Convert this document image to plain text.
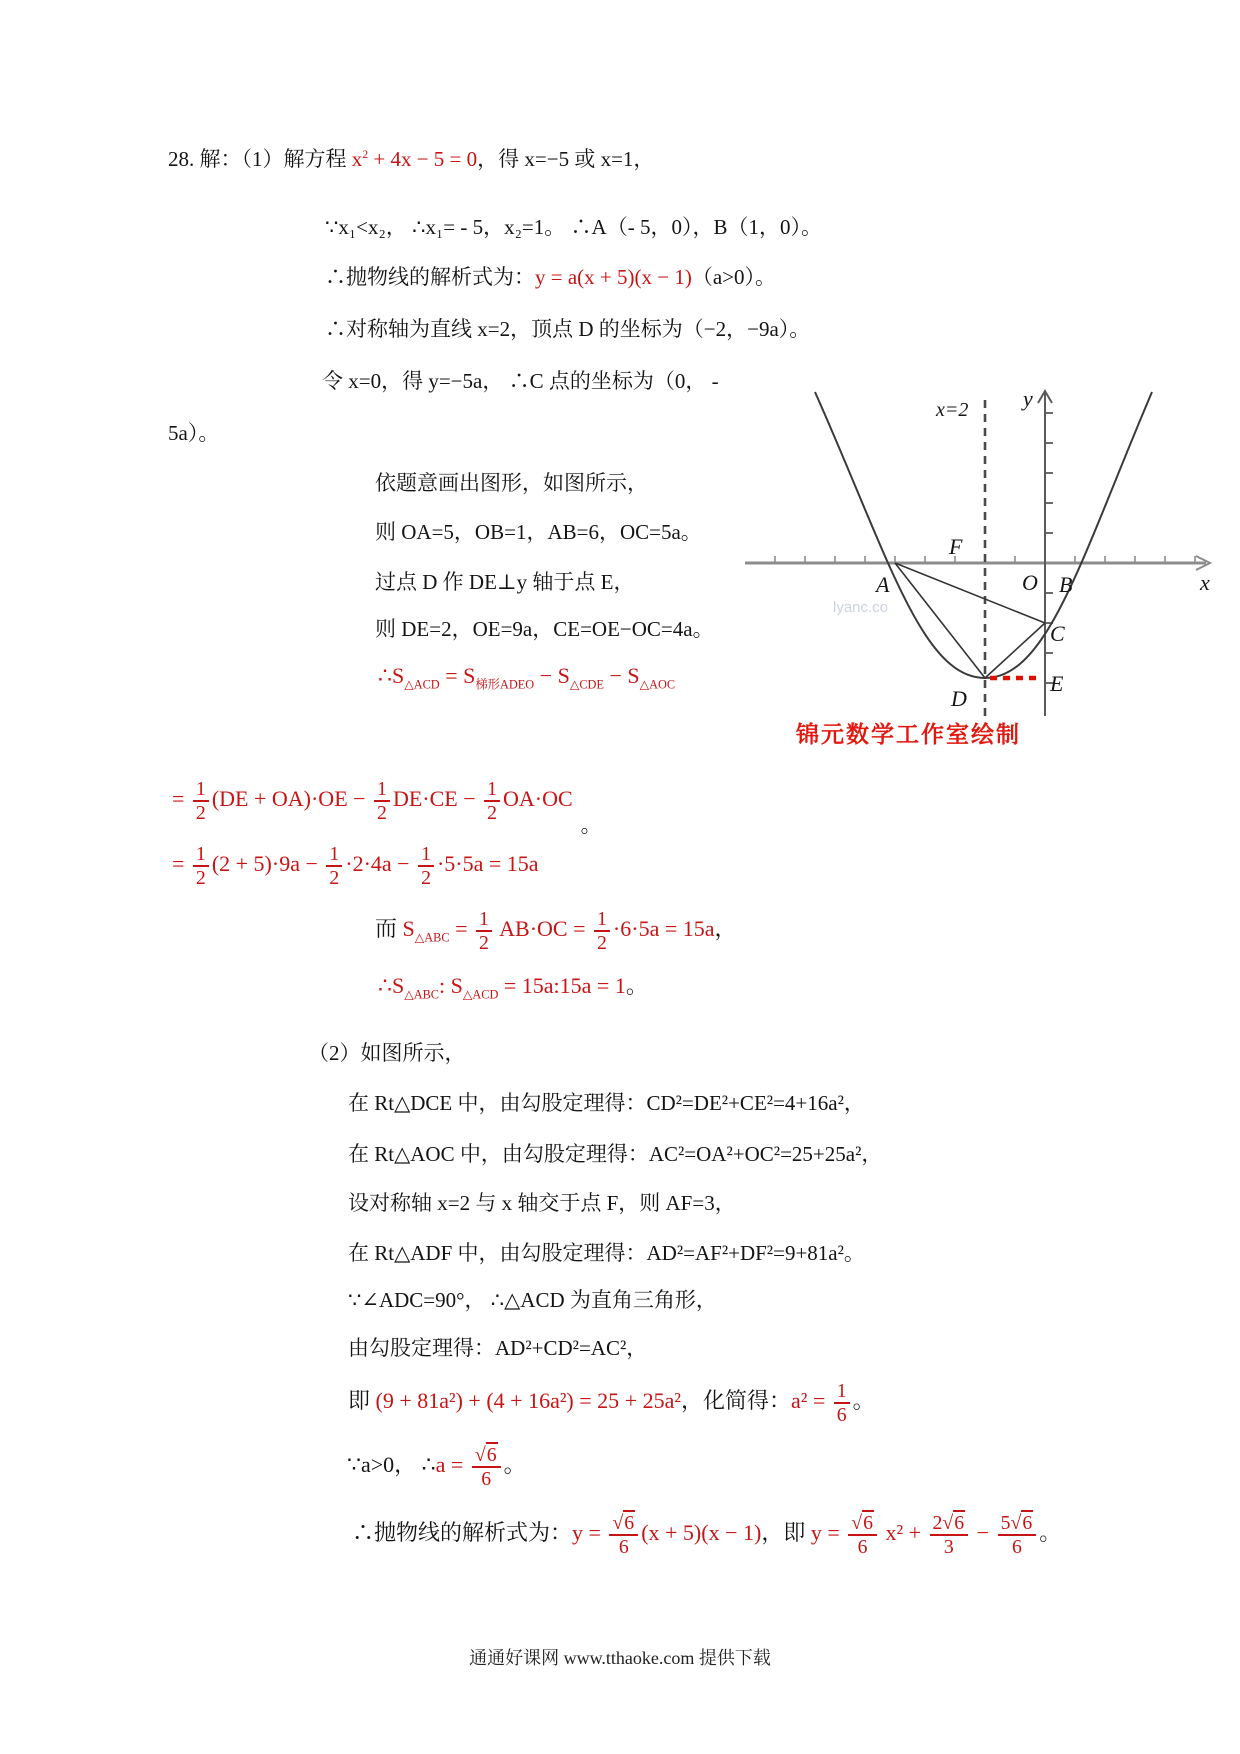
28. 解：（1）解方程 $x^2 + 4x - 5 = 0$，得 x=−5 或 x=1，
∵x₁<x₂， ∴x₁= - 5，x₂=1。 ∴A（- 5，0），B（1，0）。
∴抛物线的解析式为：y = a(x + 5)(x − 1)（a>0）。
∴对称轴为直线 x=2，顶点 D 的坐标为（−2，−9a）。
令 x=0，得 y=−5a， ∴C 点的坐标为（0， -
5a）。
依题意画出图形，如图所示，
则 OA=5，OB=1，AB=6，OC=5a。
过点 D 作 DE⊥y 轴于点 E，
则 DE=2，OE=9a，CE=OE−OC=4a。
$\therefore S_{\triangle ACD} = S_{梯形ADEO} - S_{\triangle CDE} - S_{\triangle AOC}$
lyanc.co
x=2 y
x
O
A	B
C
D
E
F
锦元数学工作室绘制
= $\frac{1}{2} (DE + OA)\cdot OE - \frac{1}{2} DE\cdot CE - \frac{1}{2} OA\cdot OC$。
= $\frac{1}{2} (2 + 5)\cdot 9a - \frac{1}{2} \cdot 2\cdot 4a - \frac{1}{2} \cdot 5\cdot 5a = 15a$
而 $S_{\triangle ABC} = \frac{1}{2} AB\cdot OC = \frac{1}{2} \cdot 6\cdot 5a = 15a$，
$\therefore S_{\triangle ABC}$: $S_{\triangle ACD}$ = 15a:15a = 1。
（2）如图所示，
在 Rt△DCE 中，由勾股定理得：CD²=DE²+CE²=4+16a²，
在 Rt△AOC 中，由勾股定理得：AC²=OA²+OC²=25+25a²，
设对称轴 x=2 与 x 轴交于点 F，则 AF=3，
在 Rt△ADF 中，由勾股定理得：AD²=AF²+DF²=9+81a²。
∵∠ADC=90°， ∴△ACD 为直角三角形，
由勾股定理得：AD²+CD²=AC²，
即 (9 + 81a²) + (4 + 16a²) = 25 + 25a²，化简得：$a^2 = \frac{1}{6}$ 。
∵a>0， ∴a = $\frac{√6}{6}$ 。
∴抛物线的解析式为：$y = \frac{√6}{6} (x + 5)(x - 1)$，即 $y = \frac{√6}{6} x^2 + \frac{2√6}{3} - \frac{5√6}{6}$ 。
通通好课网 www.tthaoke.com 提供下载
